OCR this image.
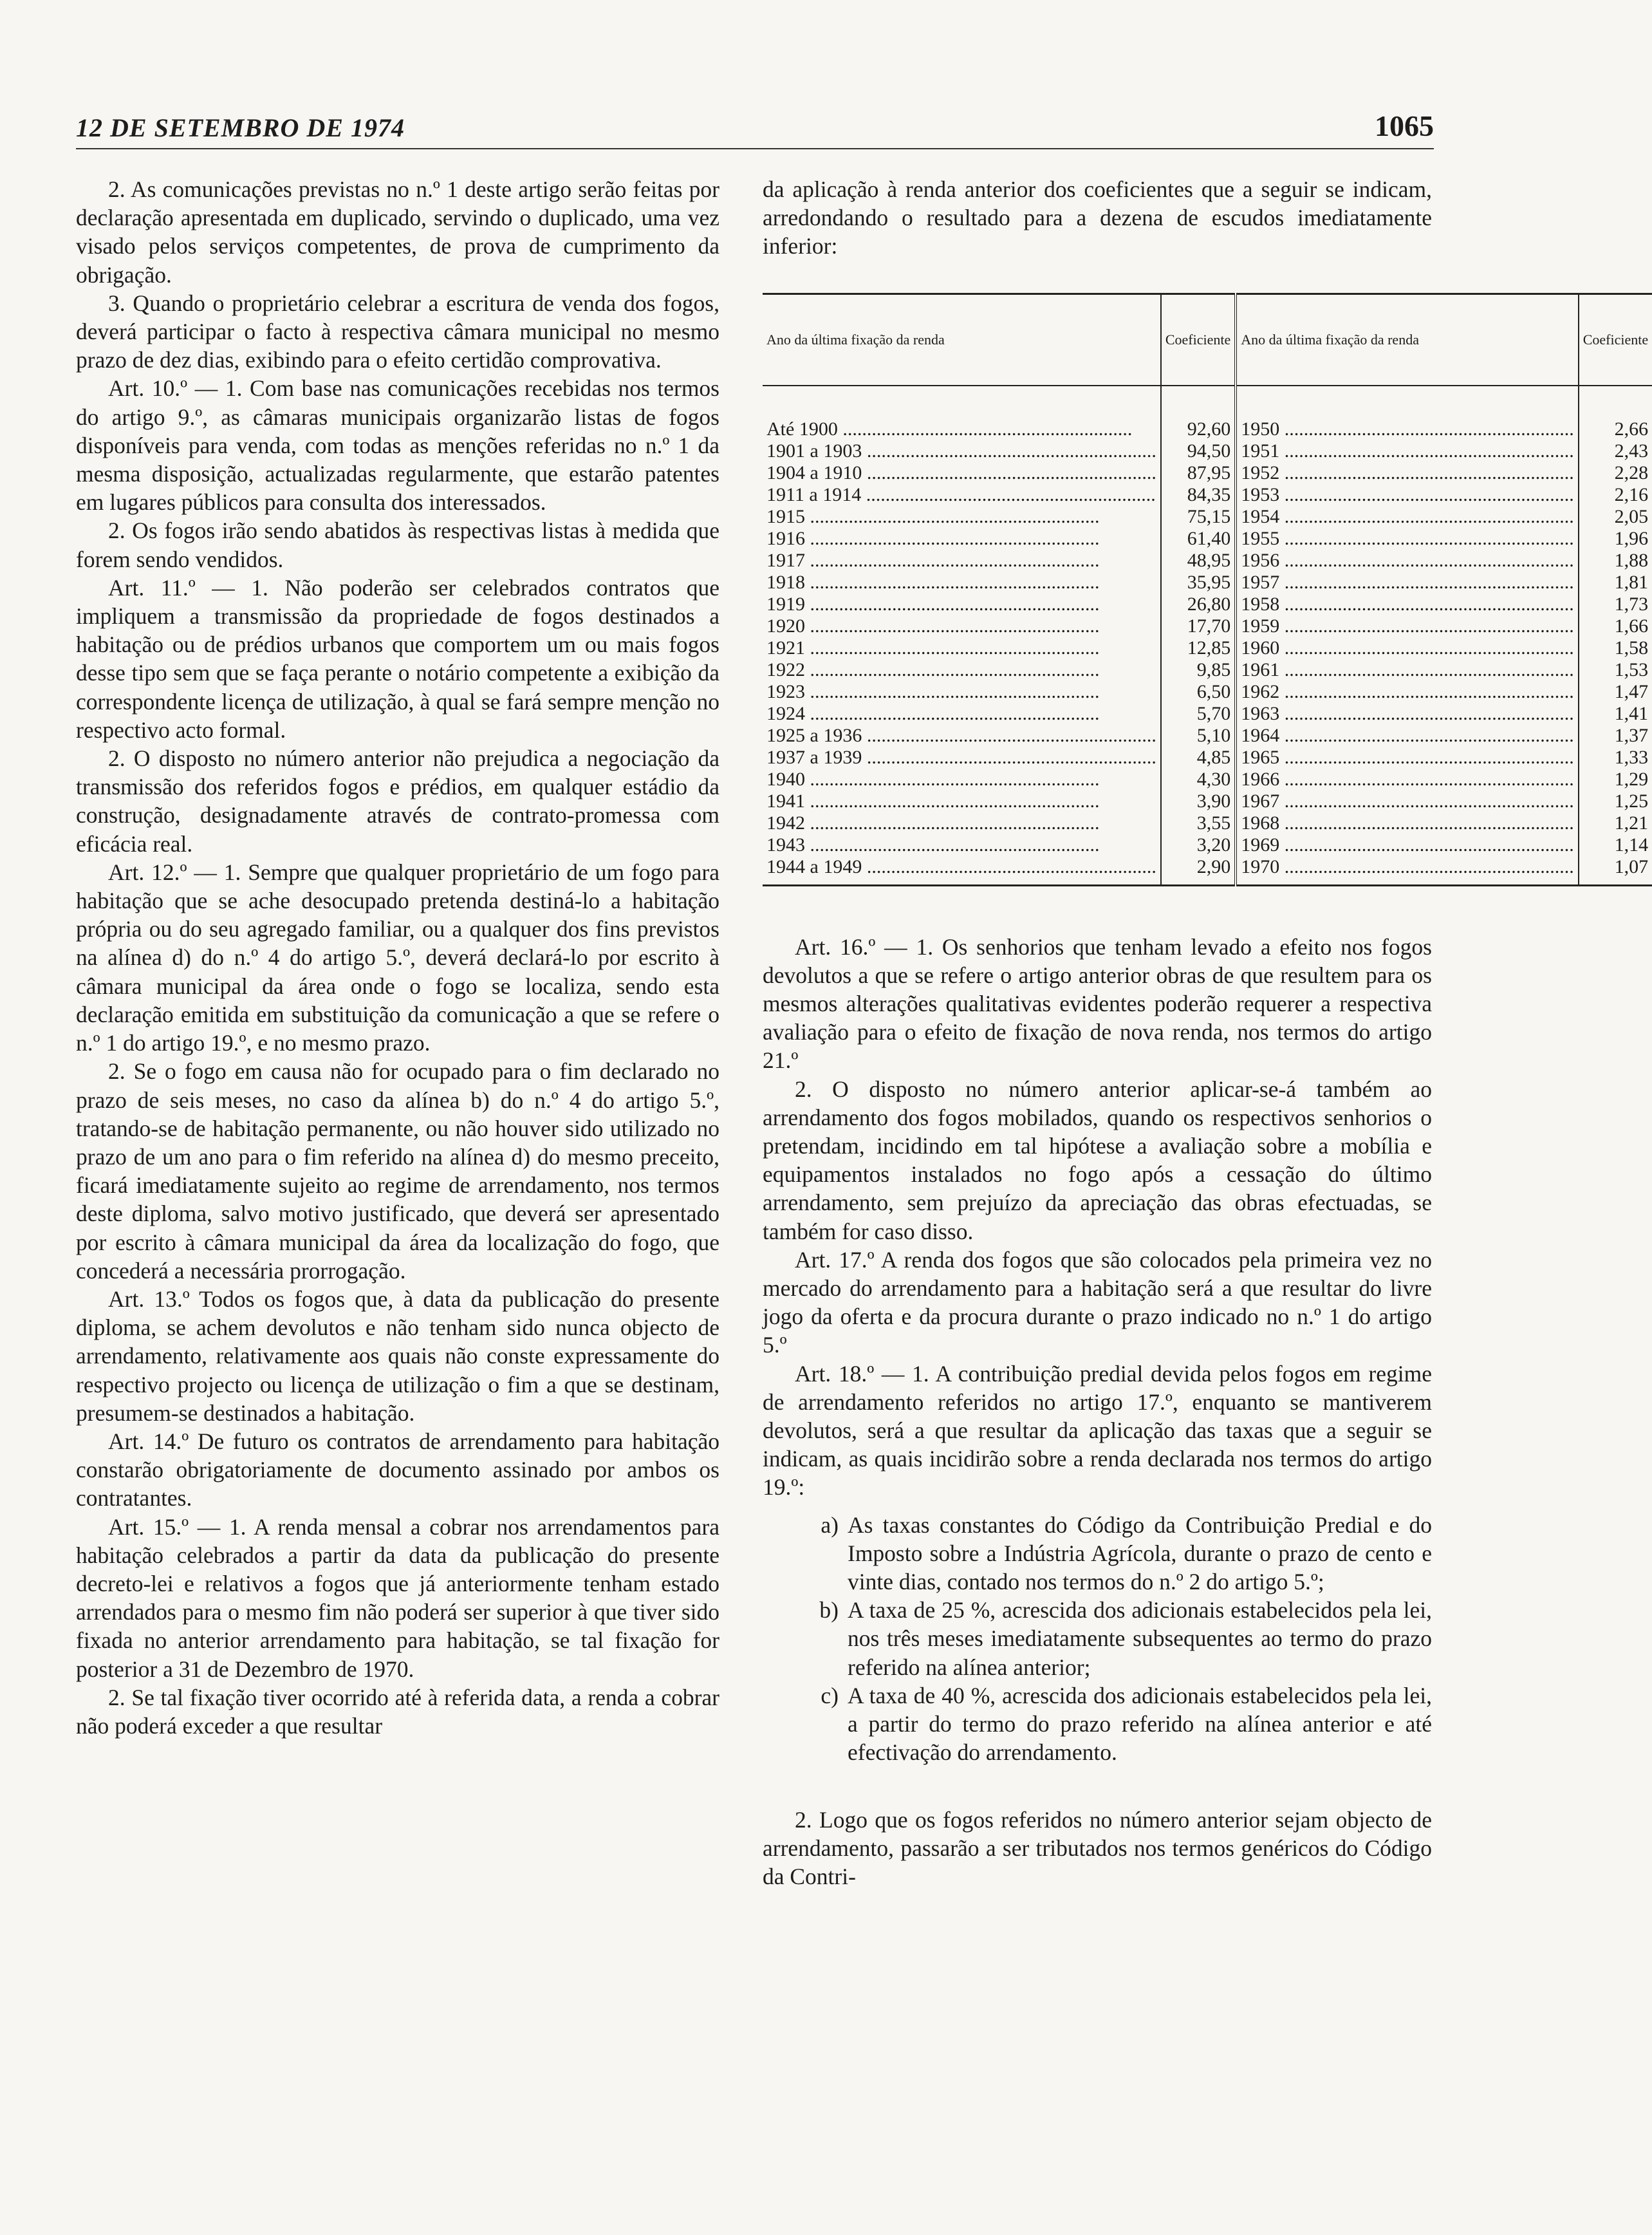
12 DE SETEMBRO DE 1974	1065

2. As comunicações previstas no n.º 1 deste artigo serão feitas por declaração apresentada em duplicado, servindo o duplicado, uma vez visado pelos serviços competentes, de prova de cumprimento da obrigação.

3. Quando o proprietário celebrar a escritura de venda dos fogos, deverá participar o facto à respectiva câmara municipal no mesmo prazo de dez dias, exibindo para o efeito certidão comprovativa.

Art. 10.º — 1. Com base nas comunicações recebidas nos termos do artigo 9.º, as câmaras municipais organizarão listas de fogos disponíveis para venda, com todas as menções referidas no n.º 1 da mesma disposição, actualizadas regularmente, que estarão patentes em lugares públicos para consulta dos interessados.

2. Os fogos irão sendo abatidos às respectivas listas à medida que forem sendo vendidos.

Art. 11.º — 1. Não poderão ser celebrados contratos que impliquem a transmissão da propriedade de fogos destinados a habitação ou de prédios urbanos que comportem um ou mais fogos desse tipo sem que se faça perante o notário competente a exibição da correspondente licença de utilização, à qual se fará sempre menção no respectivo acto formal.

2. O disposto no número anterior não prejudica a negociação da transmissão dos referidos fogos e prédios, em qualquer estádio da construção, designadamente através de contrato-promessa com eficácia real.

Art. 12.º — 1. Sempre que qualquer proprietário de um fogo para habitação que se ache desocupado pretenda destiná-lo a habitação própria ou do seu agregado familiar, ou a qualquer dos fins previstos na alínea d) do n.º 4 do artigo 5.º, deverá declará-lo por escrito à câmara municipal da área onde o fogo se localiza, sendo esta declaração emitida em substituição da comunicação a que se refere o n.º 1 do artigo 19.º, e no mesmo prazo.

2. Se o fogo em causa não for ocupado para o fim declarado no prazo de seis meses, no caso da alínea b) do n.º 4 do artigo 5.º, tratando-se de habitação permanente, ou não houver sido utilizado no prazo de um ano para o fim referido na alínea d) do mesmo preceito, ficará imediatamente sujeito ao regime de arrendamento, nos termos deste diploma, salvo motivo justificado, que deverá ser apresentado por escrito à câmara municipal da área da localização do fogo, que concederá a necessária prorrogação.

Art. 13.º Todos os fogos que, à data da publicação do presente diploma, se achem devolutos e não tenham sido nunca objecto de arrendamento, relativamente aos quais não conste expressamente do respectivo projecto ou licença de utilização o fim a que se destinam, presumem-se destinados a habitação.

Art. 14.º De futuro os contratos de arrendamento para habitação constarão obrigatoriamente de documento assinado por ambos os contratantes.

Art. 15.º — 1. A renda mensal a cobrar nos arrendamentos para habitação celebrados a partir da data da publicação do presente decreto-lei e relativos a fogos que já anteriormente tenham estado arrendados para o mesmo fim não poderá ser superior à que tiver sido fixada no anterior arrendamento para habitação, se tal fixação for posterior a 31 de Dezembro de 1970.

2. Se tal fixação tiver ocorrido até à referida data, a renda a cobrar não poderá exceder a que resultar

da aplicação à renda anterior dos coeficientes que a seguir se indicam, arredondando o resultado para a dezena de escudos imediatamente inferior:

Ano da última fixação da renda	Coeficiente	Ano da última fixação da renda	Coeficiente

Até 1900 ............................................................	92,60	1950 ............................................................	2,66
1901 a 1903 ............................................................	94,50	1951 ............................................................	2,43
1904 a 1910 ............................................................	87,95	1952 ............................................................	2,28
1911 a 1914 ............................................................	84,35	1953 ............................................................	2,16
1915 ............................................................	75,15	1954 ............................................................	2,05
1916 ............................................................	61,40	1955 ............................................................	1,96
1917 ............................................................	48,95	1956 ............................................................	1,88
1918 ............................................................	35,95	1957 ............................................................	1,81
1919 ............................................................	26,80	1958 ............................................................	1,73
1920 ............................................................	17,70	1959 ............................................................	1,66
1921 ............................................................	12,85	1960 ............................................................	1,58
1922 ............................................................	9,85	1961 ............................................................	1,53
1923 ............................................................	6,50	1962 ............................................................	1,47
1924 ............................................................	5,70	1963 ............................................................	1,41
1925 a 1936 ............................................................	5,10	1964 ............................................................	1,37
1937 a 1939 ............................................................	4,85	1965 ............................................................	1,33
1940 ............................................................	4,30	1966 ............................................................	1,29
1941 ............................................................	3,90	1967 ............................................................	1,25
1942 ............................................................	3,55	1968 ............................................................	1,21
1943 ............................................................	3,20	1969 ............................................................	1,14
1944 a 1949 ............................................................	2,90	1970 ............................................................	1,07

Art. 16.º — 1. Os senhorios que tenham levado a efeito nos fogos devolutos a que se refere o artigo anterior obras de que resultem para os mesmos alterações qualitativas evidentes poderão requerer a respectiva avaliação para o efeito de fixação de nova renda, nos termos do artigo 21.º

2. O disposto no número anterior aplicar-se-á também ao arrendamento dos fogos mobilados, quando os respectivos senhorios o pretendam, incidindo em tal hipótese a avaliação sobre a mobília e equipamentos instalados no fogo após a cessação do último arrendamento, sem prejuízo da apreciação das obras efectuadas, se também for caso disso.

Art. 17.º A renda dos fogos que são colocados pela primeira vez no mercado do arrendamento para a habitação será a que resultar do livre jogo da oferta e da procura durante o prazo indicado no n.º 1 do artigo 5.º

Art. 18.º — 1. A contribuição predial devida pelos fogos em regime de arrendamento referidos no artigo 17.º, enquanto se mantiverem devolutos, será a que resultar da aplicação das taxas que a seguir se indicam, as quais incidirão sobre a renda declarada nos termos do artigo 19.º:

a) As taxas constantes do Código da Contribuição Predial e do Imposto sobre a Indústria Agrícola, durante o prazo de cento e vinte dias, contado nos termos do n.º 2 do artigo 5.º;
b) A taxa de 25 %, acrescida dos adicionais estabelecidos pela lei, nos três meses imediatamente subsequentes ao termo do prazo referido na alínea anterior;
c) A taxa de 40 %, acrescida dos adicionais estabelecidos pela lei, a partir do termo do prazo referido na alínea anterior e até efectivação do arrendamento.

2. Logo que os fogos referidos no número anterior sejam objecto de arrendamento, passarão a ser tributados nos termos genéricos do Código da Contri-
